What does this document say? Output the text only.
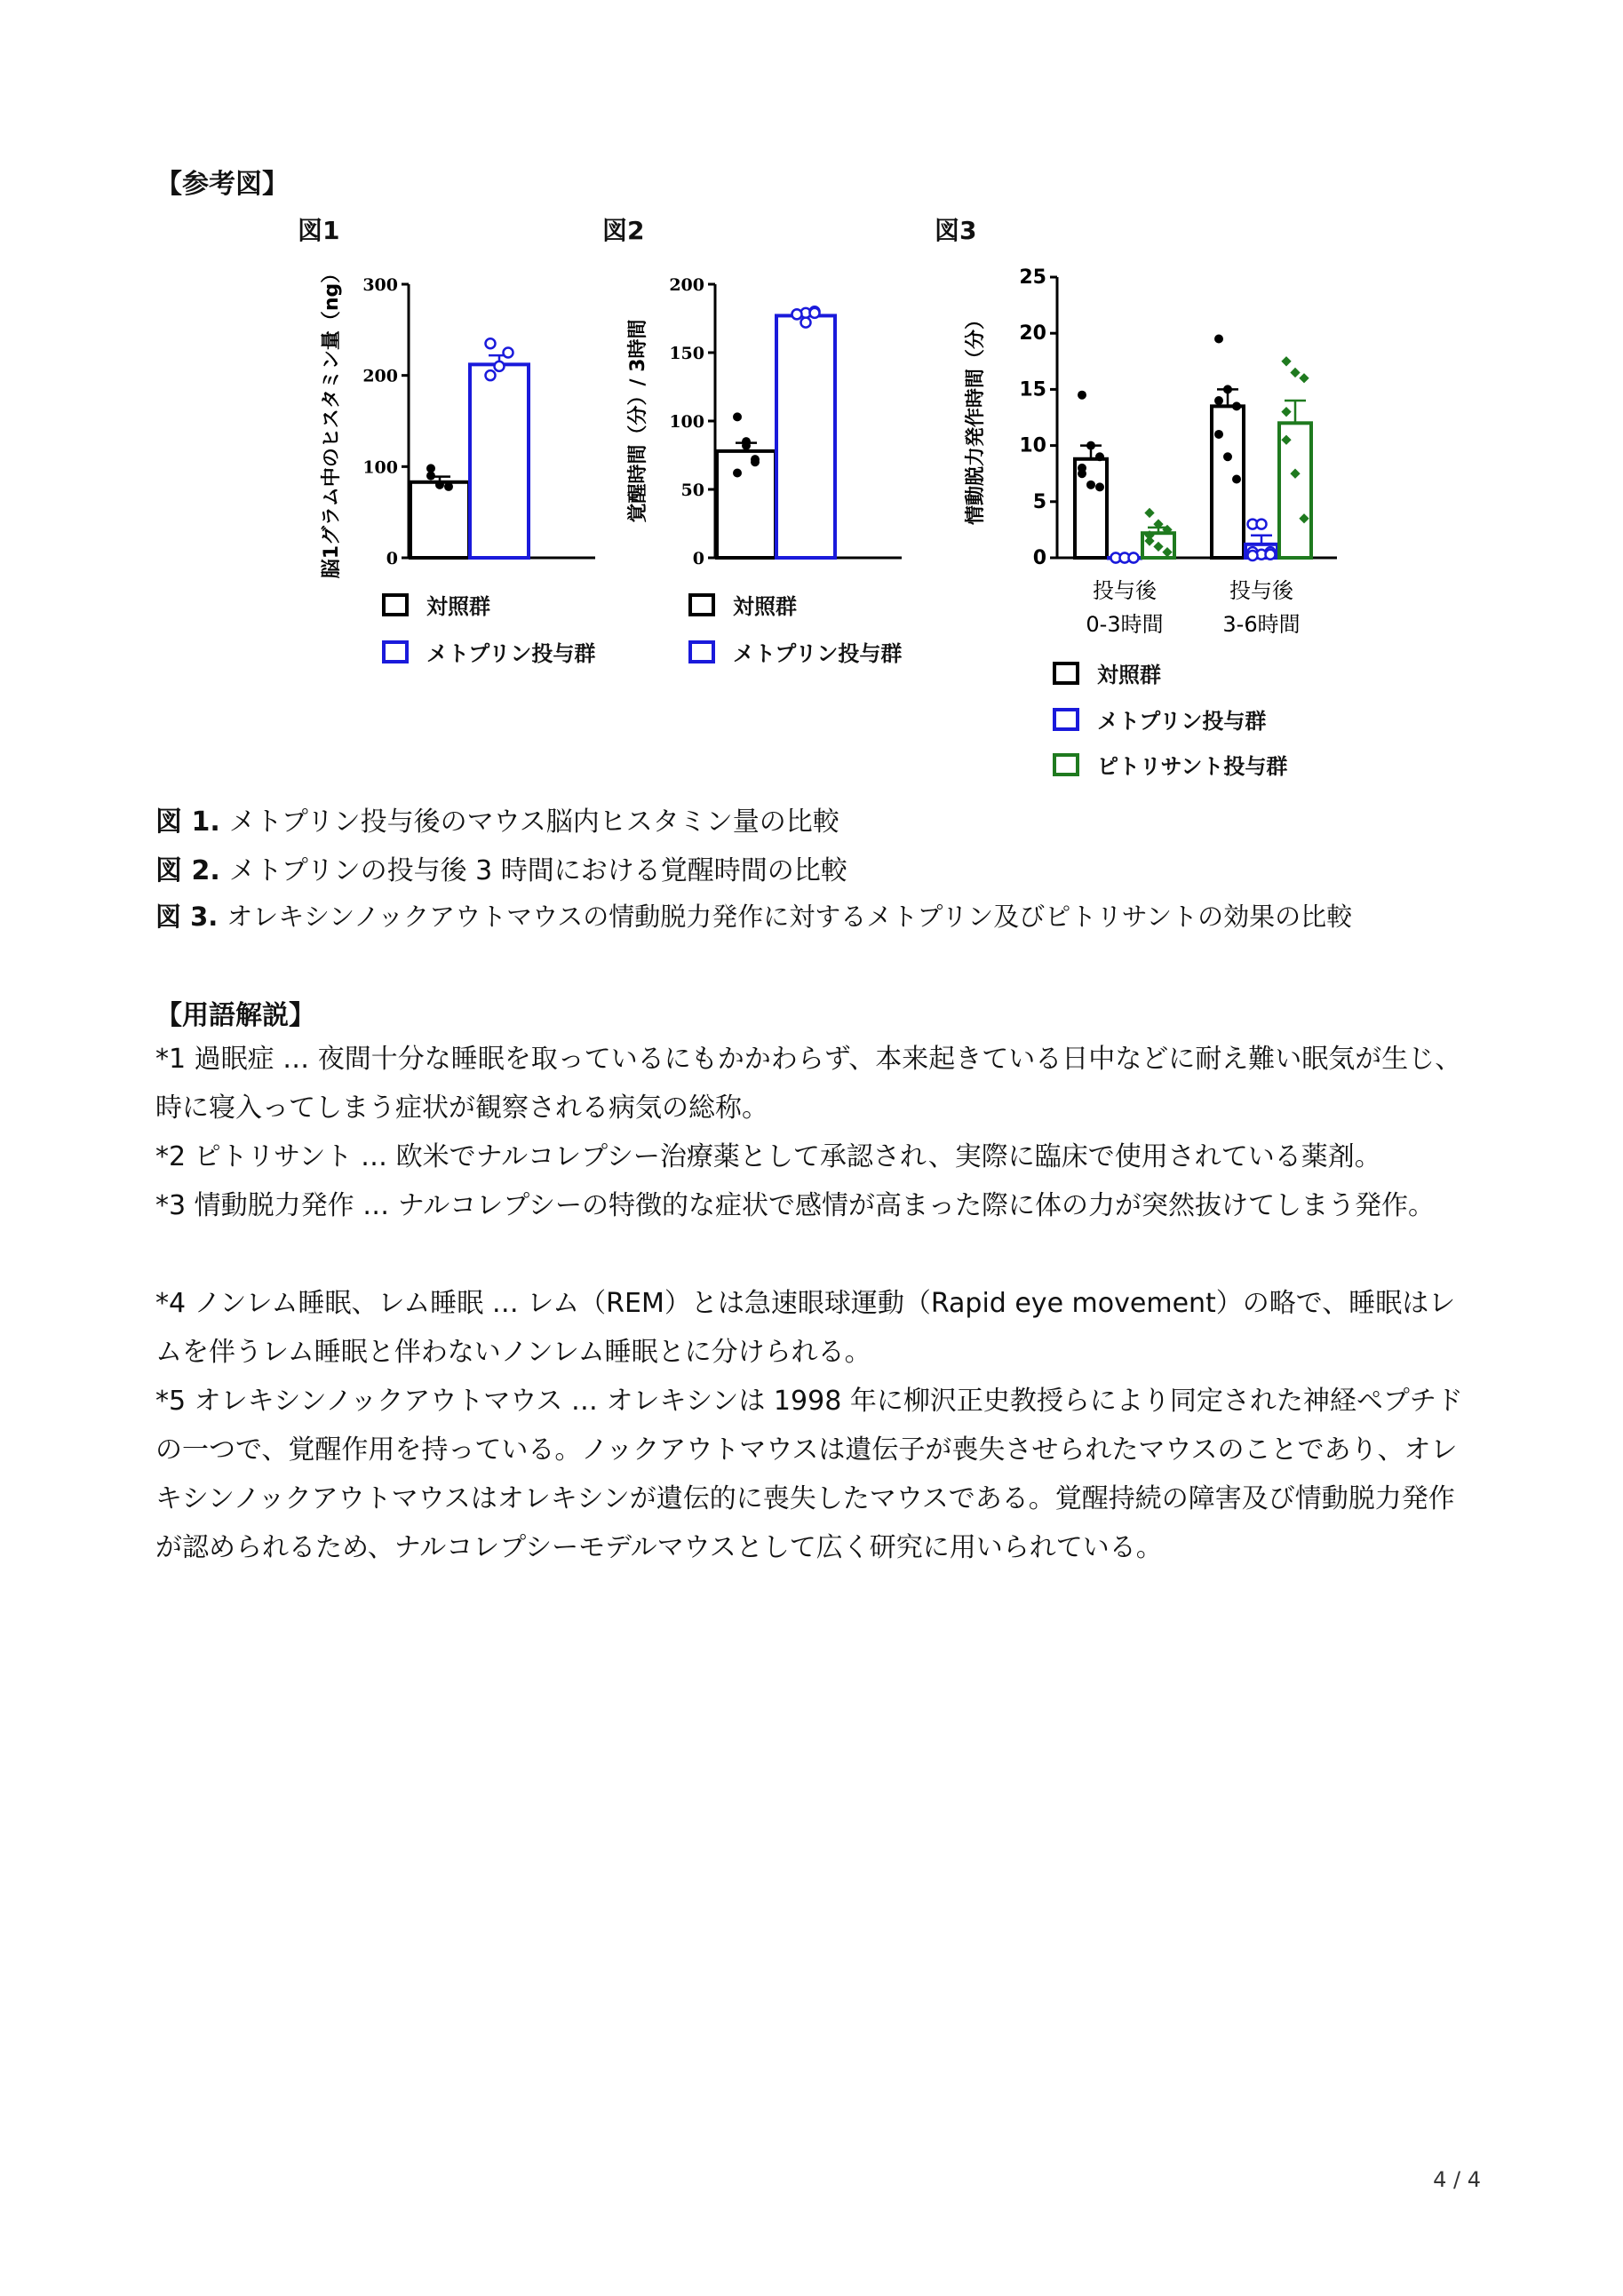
【参考図】
図1	図2	図3
脳1グラム中のヒスタミン量（ng）	0
100
200
300
覚醒時間（分）/ 3時間
0
50
100
150
200
情動脱力発作時間（分）
0
5
10
15
20
25
投与後
0-3時間
投与後
3-6時間
対照群
メトプリン投与群
対照群
メトプリン投与群
対照群
メトプリン投与群
ピトリサント投与群
図 1. メトプリン投与後のマウス脳内ヒスタミン量の比較
図 2. メトプリンの投与後 3 時間における覚醒時間の比較
図 3. オレキシンノックアウトマウスの情動脱力発作に対するメトプリン及びピトリサントの効果の比較
【用語解説】
*1 過眠症 … 夜間十分な睡眠を取っているにもかかわらず、本来起きている日中などに耐え難い眠気が生じ、時に寝入ってしまう症状が観察される病気の総称。
*2 ピトリサント … 欧米でナルコレプシー治療薬として承認され、実際に臨床で使用されている薬剤。
*3 情動脱力発作 … ナルコレプシーの特徴的な症状で感情が高まった際に体の力が突然抜けてしまう発作。
*4 ノンレム睡眠、レム睡眠 … レム（REM）とは急速眼球運動（Rapid eye movement）の略で、睡眠はレムを伴うレム睡眠と伴わないノンレム睡眠とに分けられる。
*5 オレキシンノックアウトマウス … オレキシンは 1998 年に柳沢正史教授らにより同定された神経ペプチドの一つで、覚醒作用を持っている。ノックアウトマウスは遺伝子が喪失させられたマウスのことであり、オレキシンノックアウトマウスはオレキシンが遺伝的に喪失したマウスである。覚醒持続の障害及び情動脱力発作が認められるため、ナルコレプシーモデルマウスとして広く研究に用いられている。
4 / 4
